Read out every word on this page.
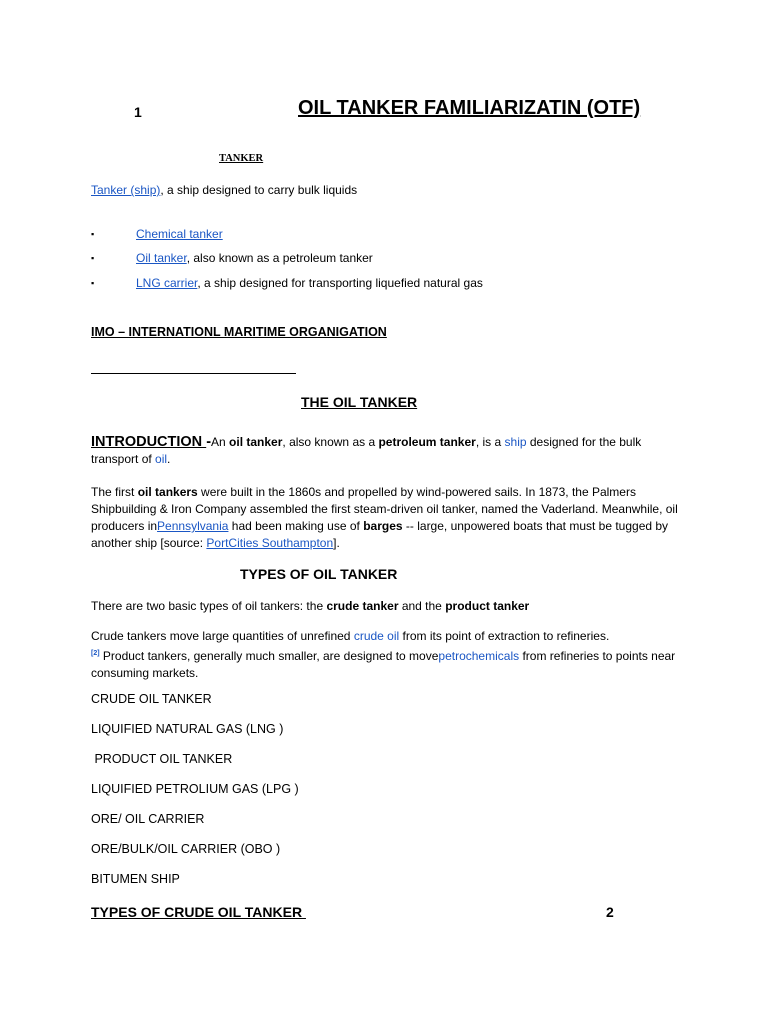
1	OIL TANKER FAMILIARIZATIN (OTF)
TANKER
Tanker (ship), a ship designed to carry bulk liquids
▪	Chemical tanker
▪	Oil tanker, also known as a petroleum tanker
▪	LNG carrier, a ship designed for transporting liquefied natural gas
IMO – INTERNATIONL MARITIME ORGANIGATION
THE OIL TANKER
INTRODUCTION -An oil tanker, also known as a petroleum tanker, is a ship designed for the bulk transport of oil.
The first oil tankers were built in the 1860s and propelled by wind-powered sails. In 1873, the Palmers Shipbuilding & Iron Company assembled the first steam-driven oil tanker, named the Vaderland. Meanwhile, oil producers inPennsylvania had been making use of barges -- large, unpowered boats that must be tugged by another ship [source: PortCities Southampton].
TYPES OF OIL TANKER
There are two basic types of oil tankers: the crude tanker and the product tanker
Crude tankers move large quantities of unrefined crude oil from its point of extraction to refineries.
[2] Product tankers, generally much smaller, are designed to movepetrochemicals from refineries to points near consuming markets.
CRUDE OIL TANKER
LIQUIFIED NATURAL GAS (LNG )
PRODUCT OIL TANKER
LIQUIFIED PETROLIUM GAS (LPG )
ORE/ OIL CARRIER
ORE/BULK/OIL CARRIER (OBO )
BITUMEN SHIP
TYPES OF CRUDE OIL TANKER	2
